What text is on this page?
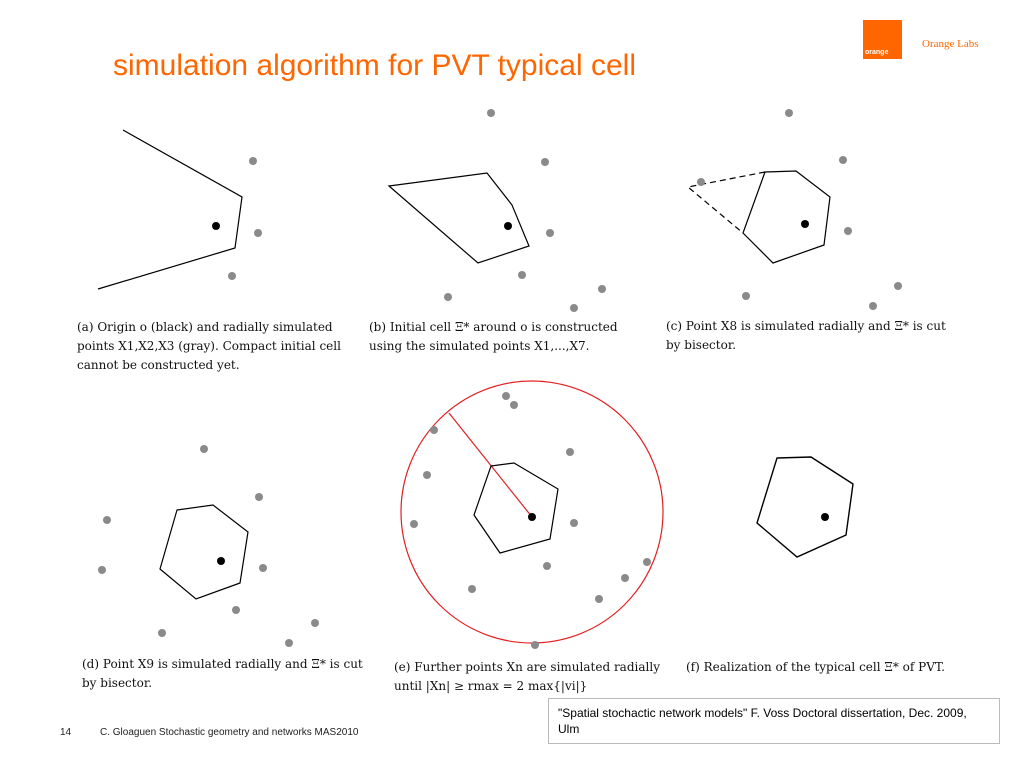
orange
Orange Labs
simulation algorithm for PVT typical cell
(a) Origin o (black) and radially simulated points X1,X2,X3 (gray). Compact initial cell cannot be constructed yet.
(b) Initial cell Ξ* around o is constructed using the simulated points X1,...,X7.
(c) Point X8 is simulated radially and Ξ* is cut by bisector.
(d) Point X9 is simulated radially and Ξ* is cut by bisector.
(e) Further points Xn are simulated radially until |Xn| ≥ rmax = 2 max{|vi|}
(f) Realization of the typical cell Ξ* of PVT.
14	C. Gloaguen Stochastic geometry and networks MAS2010
"Spatial stochactic network models" F. Voss Doctoral dissertation, Dec. 2009, Ulm
